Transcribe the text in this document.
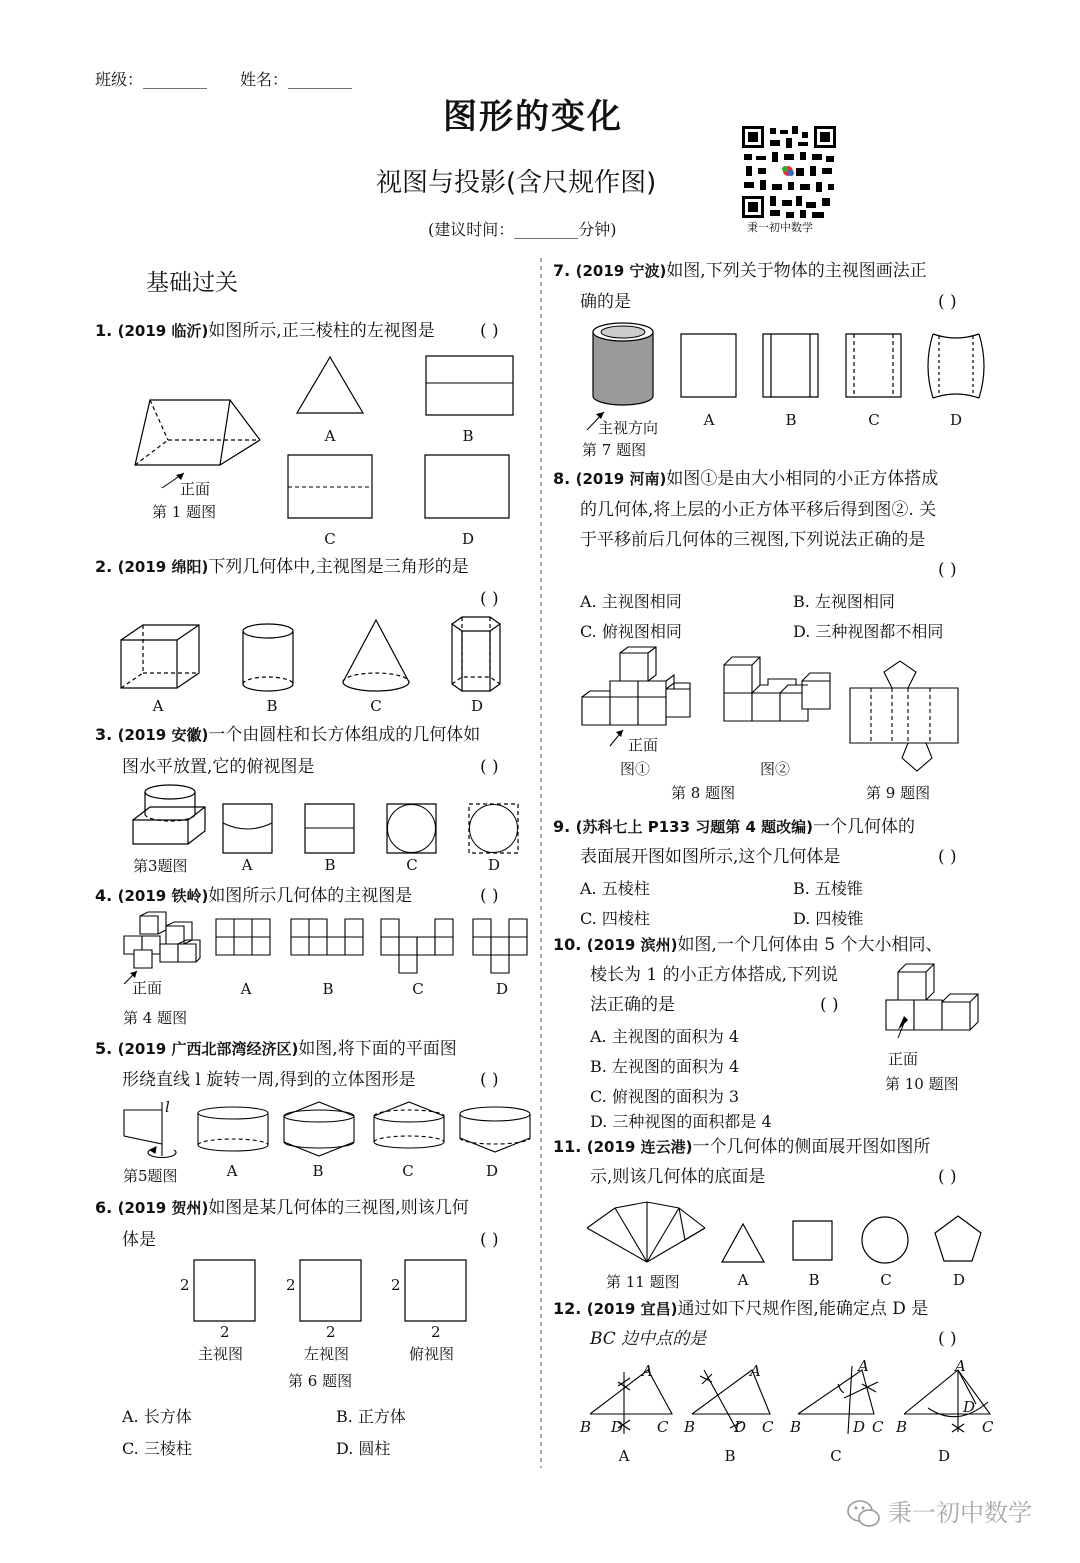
班级：________ 姓名：________
图形的变化
视图与投影(含尺规作图)
(建议时间：________分钟)	秉一初中数学
基础过关
1. (2019 临沂)如图所示,正三棱柱的左视图是	( )
正面
第 1 题图
A	B
C	D
2. (2019 绵阳)下列几何体中,主视图是三角形的是
( )
A	B	C	D
3. (2019 安徽)一个由圆柱和长方体组成的几何体如
图水平放置,它的俯视图是	( )
第3题图	A	B	C	D
4. (2019 铁岭)如图所示几何体的主视图是	( )
正面
第 4 题图
A	B	C	D
5. (2019 广西北部湾经济区)如图,将下面的平面图
形绕直线 l 旋转一周,得到的立体图形是	( )
l
第5题图	A	B	C	D
6. (2019 贺州)如图是某几何体的三视图,则该几何
体是	( )
2	2	2
2	2	2
主视图	左视图	俯视图
第 6 题图
A. 长方体	B. 正方体
C. 三棱柱	D. 圆柱
7. (2019 宁波)如图,下列关于物体的主视图画法正
确的是	( )
主视方向
第 7 题图
A	B	C	D
8. (2019 河南)如图①是由大小相同的小正方体搭成
的几何体,将上层的小正方体平移后得到图②. 关
于平移前后几何体的三视图,下列说法正确的是
( )
A. 主视图相同	B. 左视图相同
C. 俯视图相同	D. 三种视图都不相同
正面
图①	图②
第 8 题图	第 9 题图
9. (苏科七上 P133 习题第 4 题改编)一个几何体的
表面展开图如图所示,这个几何体是	( )
A. 五棱柱	B. 五棱锥
C. 四棱柱	D. 四棱锥
10. (2019 滨州)如图,一个几何体由 5 个大小相同、
棱长为 1 的小正方体搭成,下列说
法正确的是	( )
A. 主视图的面积为 4
B. 左视图的面积为 4
C. 俯视图的面积为 3
D. 三种视图的面积都是 4
正面
第 10 题图
11. (2019 连云港)一个几何体的侧面展开图如图所
示,则该几何体的底面是	( )
第 11 题图	A	B	C	D
12. (2019 宜昌)通过如下尺规作图,能确定点 D 是
BC 边中点的是	( )
A
B	C
D
A
A
B	C
D
B
A
B	C
D
C
A
B	C
D
D
秉一初中数学
